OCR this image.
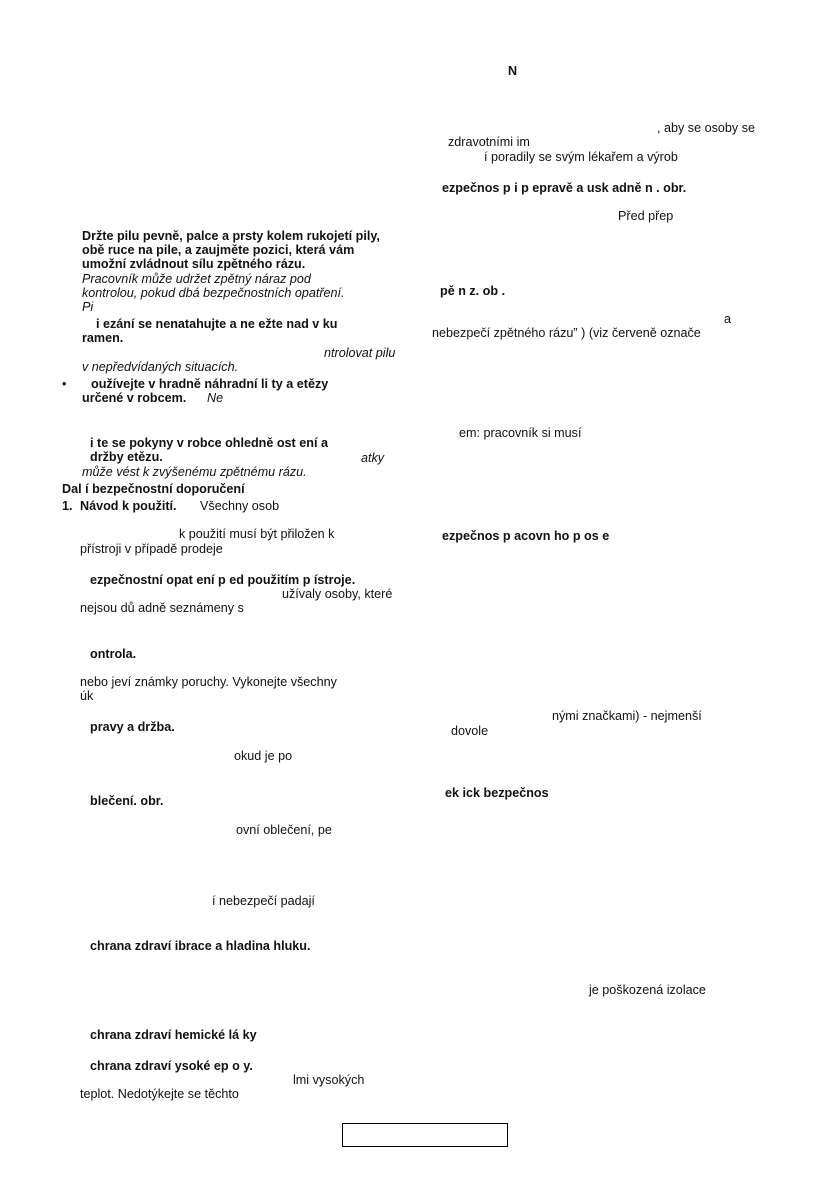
N
, aby se osoby se
zdravotními im
í poradily se svým lékařem a výrob
ezpečnos p i p epravě a usk adně n . obr.
Před přep
pě n z. ob .
a
nebezpečí zpětného rázu” ) (viz červeně označe
em: pracovník si musí
ezpečnos p acovn ho p os e
nými značkami) - nejmenší
dovole
ek ick bezpečnos
je poškozená izolace
Držte pilu pevně, palce a prsty kolem rukojetí pily,
obě ruce na pile, a zaujměte pozici, která vám
umožní zvládnout sílu zpětného rázu.
Pracovník může udržet zpětný náraz pod
kontrolou, pokud dbá bezpečnostních opatření.
Pi
i ezání se nenatahujte a ne ežte nad v ku
ramen.
ntrolovat pilu
v nepředvídaných situacích.
• oužívejte v hradně náhradní li ty a etězy
určené v robcem. Ne
i te se pokyny v robce ohledně ost ení a
držby etězu.	atky
může vést k zvýšenému zpětnému rázu.
Dal í bezpečnostní doporučení
1. Návod k použití. Všechny osob
k použití musí být přiložen k
přístroji v případě prodeje
ezpečnostní opat ení p ed použitím p ístroje.
užívaly osoby, které
nejsou dů adně seznámeny s
ontrola.
nebo jeví známky poruchy. Vykonejte všechny
úk
pravy a držba.
okud je po
blečení. obr.
ovní oblečení, pe
í nebezpečí padají
chrana zdraví ibrace a hladina hluku.
chrana zdraví hemické lá ky
chrana zdraví ysoké ep o y.
lmi vysokých
teplot. Nedotýkejte se těchto
